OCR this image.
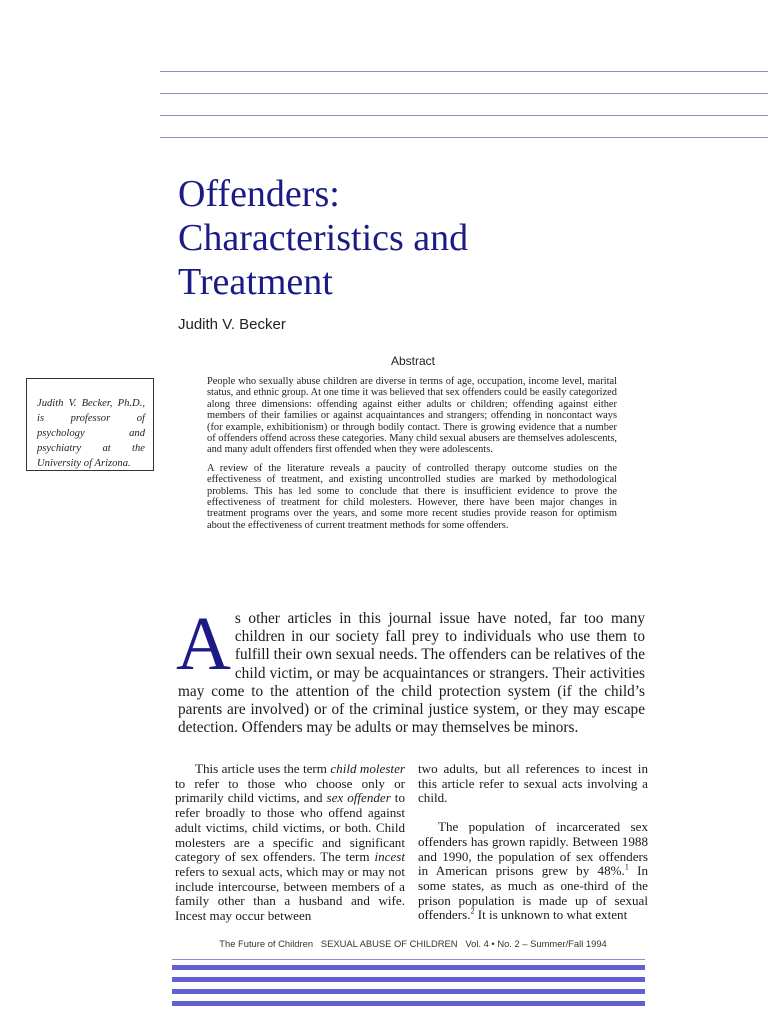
Offenders:
Characteristics and
Treatment
Judith V. Becker
Abstract

People who sexually abuse children are diverse in terms of age, occupation, income level, marital status, and ethnic group. At one time it was believed that sex offenders could be easily categorized along three dimensions: offending against either adults or children; offending against either members of their families or against acquaintances and strangers; offending in noncontact ways (for example, exhibitionism) or through bodily contact. There is growing evidence that a number of offenders offend across these categories. Many child sexual abusers are themselves adolescents, and many adult offenders first offended when they were adolescents.

A review of the literature reveals a paucity of controlled therapy outcome studies on the effectiveness of treatment, and existing uncontrolled studies are marked by methodological problems. This has led some to conclude that there is insufficient evidence to prove the effectiveness of treatment for child molesters. However, there have been major changes in treatment programs over the years, and some more recent studies provide reason for optimism about the effectiveness of current treatment methods for some offenders.

Judith V. Becker, Ph.D., is professor of psychology and psychiatry at the University of Arizona.
A s other articles in this journal issue have noted, far too many children in our society fall prey to individuals who use them to fulfill their own sexual needs. The offenders can be relatives of the child victim, or may be acquaintances or strangers. Their activities may come to the attention of the child protection system (if the child’s parents are involved) or of the criminal justice system, or they may escape detection. Offenders may be adults or may themselves be minors.

This article uses the term child molester to refer to those who choose only or primarily child victims, and sex offender to refer broadly to those who offend against adult victims, child victims, or both. Child molesters are a specific and significant category of sex offenders. The term incest refers to sexual acts, which may or may not include intercourse, between members of a family other than a husband and wife. Incest may occur between

two adults, but all references to incest in this article refer to sexual acts involving a child.

The population of incarcerated sex offenders has grown rapidly. Between 1988 and 1990, the population of sex offenders in American prisons grew by 48%.$^1$ In some states, as much as one-third of the prison population is made up of sexual offenders.$^2$ It is unknown to what extent

The Future of Children SEXUAL ABUSE OF CHILDREN Vol. 4 • No. 2 – Summer/Fall 1994
